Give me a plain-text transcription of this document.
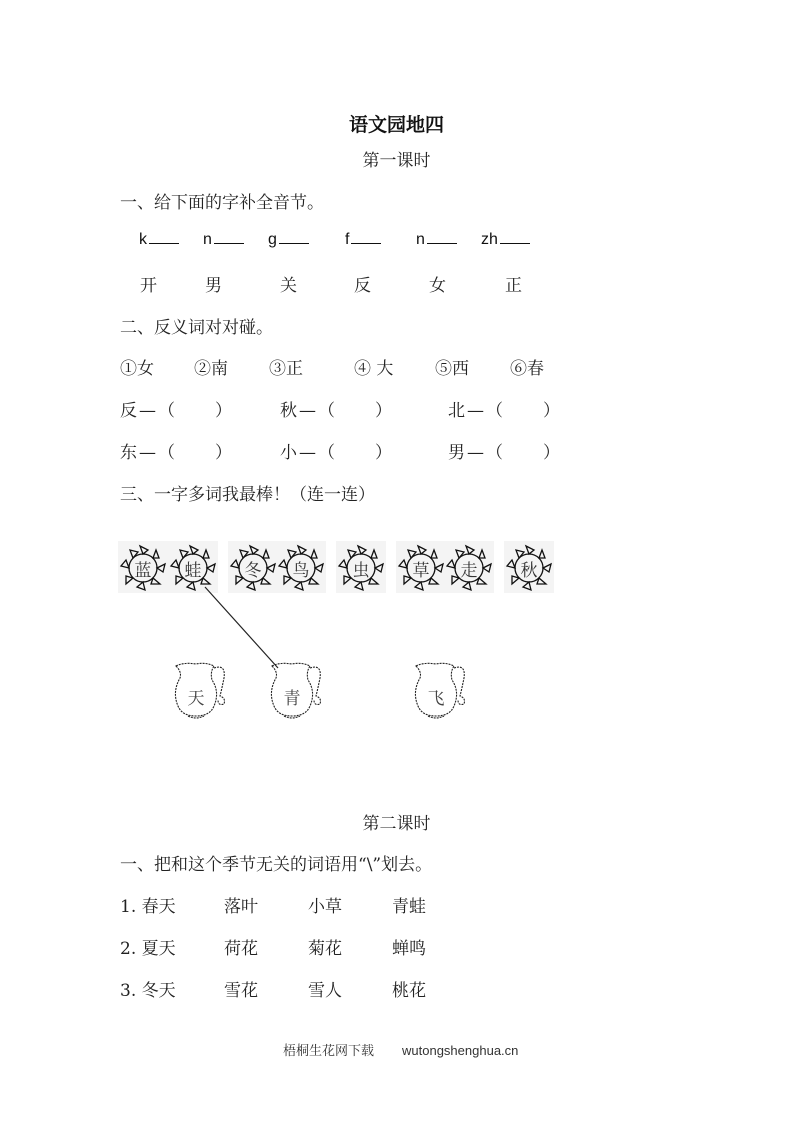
语文园地四
第一课时
一、给下面的字补全音节。
k	n	g	f	n	zh
开	男	关	反	女	正
二、反义词对对碰。
①女 ②南 ③正	④ 大 ⑤西 ⑥春
反—（　　）	秋—（　　）	北—（　　）
东—（　　）	小—（　　）	男—（　　）
三、一字多词我最棒！（连一连）
蓝	蛙	冬	鸟	虫	草	走	秋
天	青	飞
第二课时
一、把和这个季节无关的词语用“\”划去。
1. 春天	落叶	小草	青蛙
2. 夏天	荷花	菊花	蝉鸣
3. 冬天	雪花	雪人	桃花
梧桐生花网下载 wutongshenghua.cn
